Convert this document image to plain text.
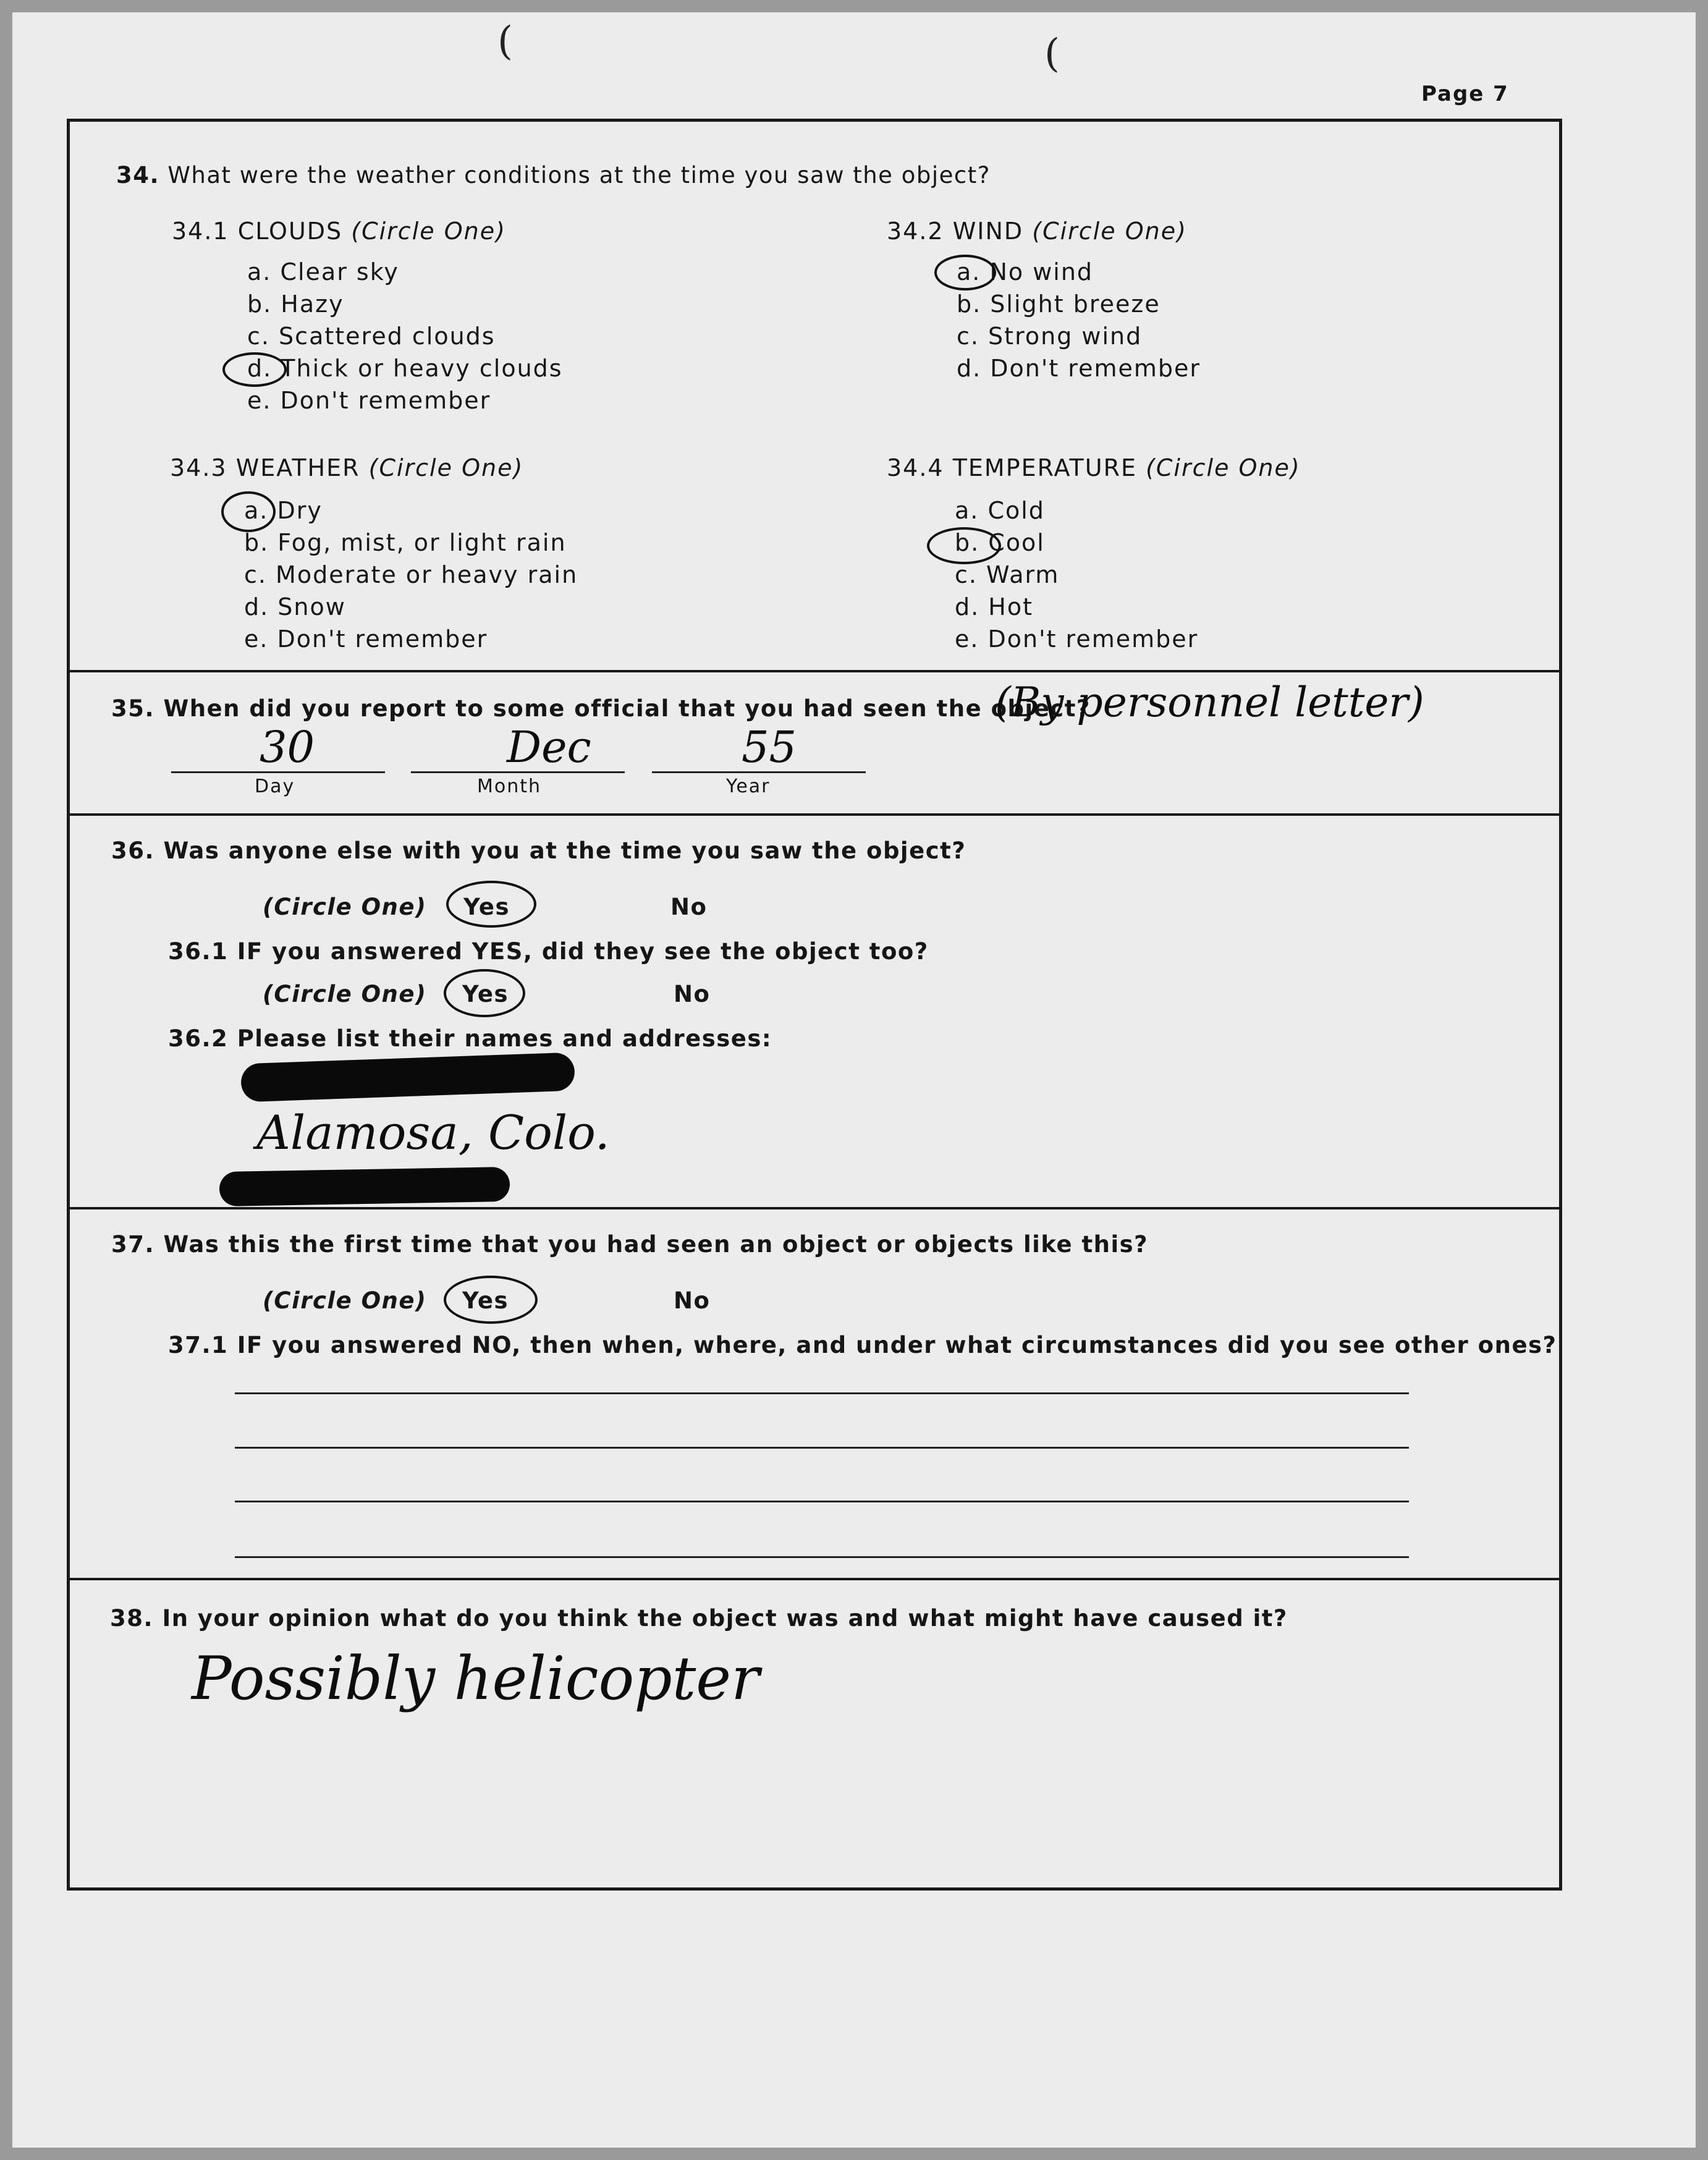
(	(
Page 7
34. What were the weather conditions at the time you saw the object?
34.1 CLOUDS (Circle One)
a. Clear sky
b. Hazy
c. Scattered clouds
d. Thick or heavy clouds
e. Don't remember
34.2 WIND (Circle One)
a. No wind
b. Slight breeze
c. Strong wind
d. Don't remember
34.3 WEATHER (Circle One)
a. Dry
b. Fog, mist, or light rain
c. Moderate or heavy rain
d. Snow
e. Don't remember
34.4 TEMPERATURE (Circle One)
a. Cold
b. Cool
c. Warm
d. Hot
e. Don't remember
35. When did you report to some official that you had seen the object?
(By personnel letter)
30	Dec	55
Day	Month	Year
36. Was anyone else with you at the time you saw the object?
(Circle One) Yes	No
36.1 IF you answered YES, did they see the object too?
(Circle One) Yes	No
36.2 Please list their names and addresses:
Alamosa, Colo.
37. Was this the first time that you had seen an object or objects like this?
(Circle One) Yes	No
37.1 IF you answered NO, then when, where, and under what circumstances did you see other ones?
38. In your opinion what do you think the object was and what might have caused it?
Possibly helicopter
